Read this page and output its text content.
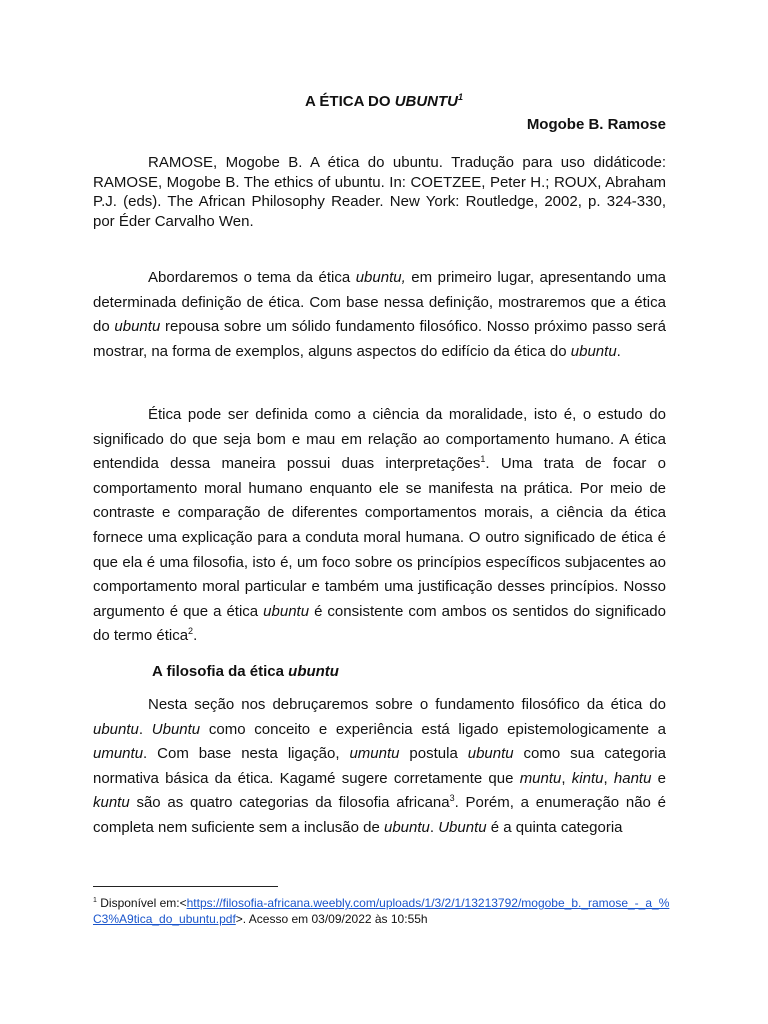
A ÉTICA DO UBUNTU$^1$
Mogobe B. Ramose
RAMOSE, Mogobe B. A ética do ubuntu. Tradução para uso didáticode: RAMOSE, Mogobe B. The ethics of ubuntu. In: COETZEE, Peter H.; ROUX, Abraham P.J. (eds). The African Philosophy Reader. New York: Routledge, 2002, p. 324-330, por Éder Carvalho Wen.
Abordaremos o tema da ética ubuntu, em primeiro lugar, apresentando uma determinada definição de ética. Com base nessa definição, mostraremos que a ética do ubuntu repousa sobre um sólido fundamento filosófico. Nosso próximo passo será mostrar, na forma de exemplos, alguns aspectos do edifício da ética do ubuntu.
Ética pode ser definida como a ciência da moralidade, isto é, o estudo do significado do que seja bom e mau em relação ao comportamento humano. A ética entendida dessa maneira possui duas interpretações$^1$. Uma trata de focar o comportamento moral humano enquanto ele se manifesta na prática. Por meio de contraste e comparação de diferentes comportamentos morais, a ciência da ética fornece uma explicação para a conduta moral humana. O outro significado de ética é que ela é uma filosofia, isto é, um foco sobre os princípios específicos subjacentes ao comportamento moral particular e também uma justificação desses princípios. Nosso argumento é que a ética ubuntu é consistente com ambos os sentidos do significado do termo ética$^2$.
A filosofia da ética ubuntu
Nesta seção nos debruçaremos sobre o fundamento filosófico da ética do ubuntu. Ubuntu como conceito e experiência está ligado epistemologicamente a umuntu. Com base nesta ligação, umuntu postula ubuntu como sua categoria normativa básica da ética. Kagamé sugere corretamente que muntu, kintu, hantu e kuntu são as quatro categorias da filosofia africana$^3$. Porém, a enumeração não é completa nem suficiente sem a inclusão de ubuntu. Ubuntu é a quinta categoria
$^1$ Disponível em:<https://filosofia-africana.weebly.com/uploads/1/3/2/1/13213792/mogobe_b._ramose_-_a_%C3%A9tica_do_ubuntu.pdf>. Acesso em 03/09/2022 às 10:55h
